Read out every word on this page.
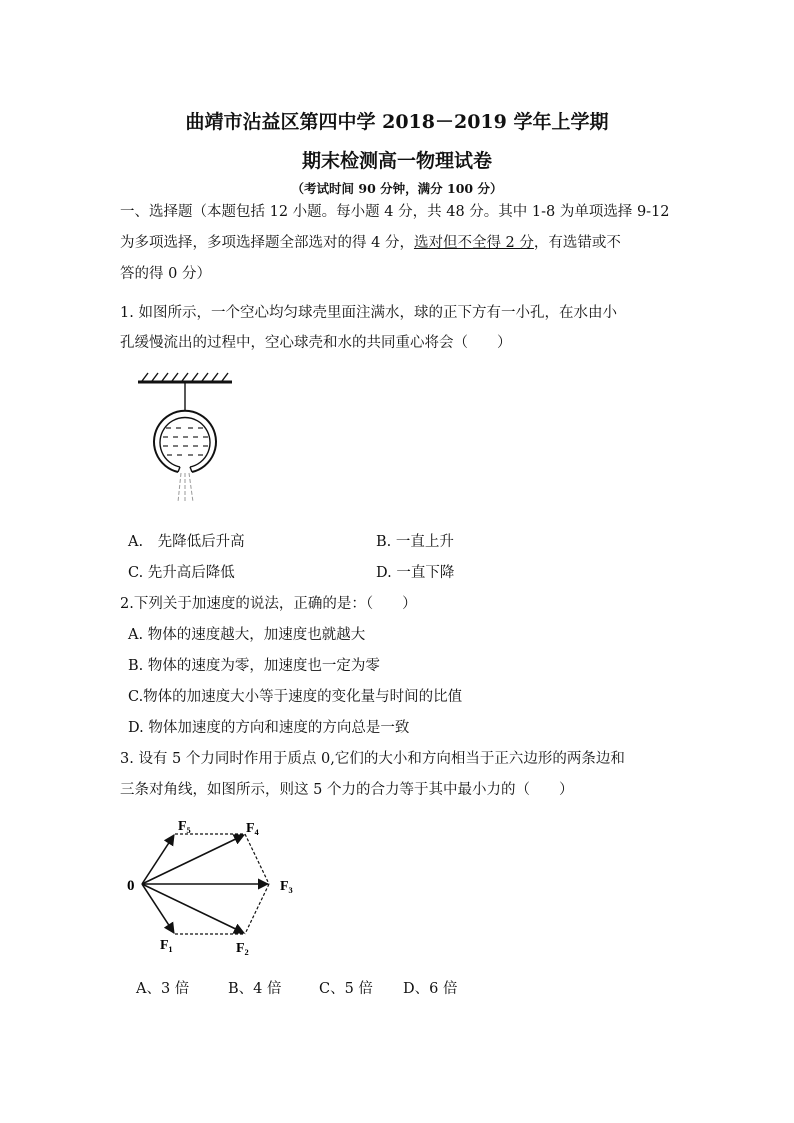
曲靖市沾益区第四中学 2018－2019 学年上学期
期末检测高一物理试卷
（考试时间 90 分钟，满分 100 分）
一、选择题（本题包括 12 小题。每小题 4 分，共 48 分。其中 1-8 为单项选择 9-12
为多项选择，多项选择题全部选对的得 4 分，选对但不全得 2 分，有选错或不
答的得 0 分）
1. 如图所示，一个空心均匀球壳里面注满水，球的正下方有一小孔，在水由小
孔缓慢流出的过程中，空心球壳和水的共同重心将会（　　）
A.　先降低后升高	B. 一直上升
C. 先升高后降低	D. 一直下降
2.下列关于加速度的说法，正确的是：（　　）
A. 物体的速度越大，加速度也就越大
B. 物体的速度为零，加速度也一定为零
C.物体的加速度大小等于速度的变化量与时间的比值
D. 物体加速度的方向和速度的方向总是一致
3. 设有 5 个力同时作用于质点 0,它们的大小和方向相当于正六边形的两条边和
三条对角线，如图所示，则这 5 个力的合力等于其中最小力的（　　）
0
F₅	F₄
F₃
F₂
F₁
A、3 倍	B、4 倍	C、5 倍 D、6 倍
